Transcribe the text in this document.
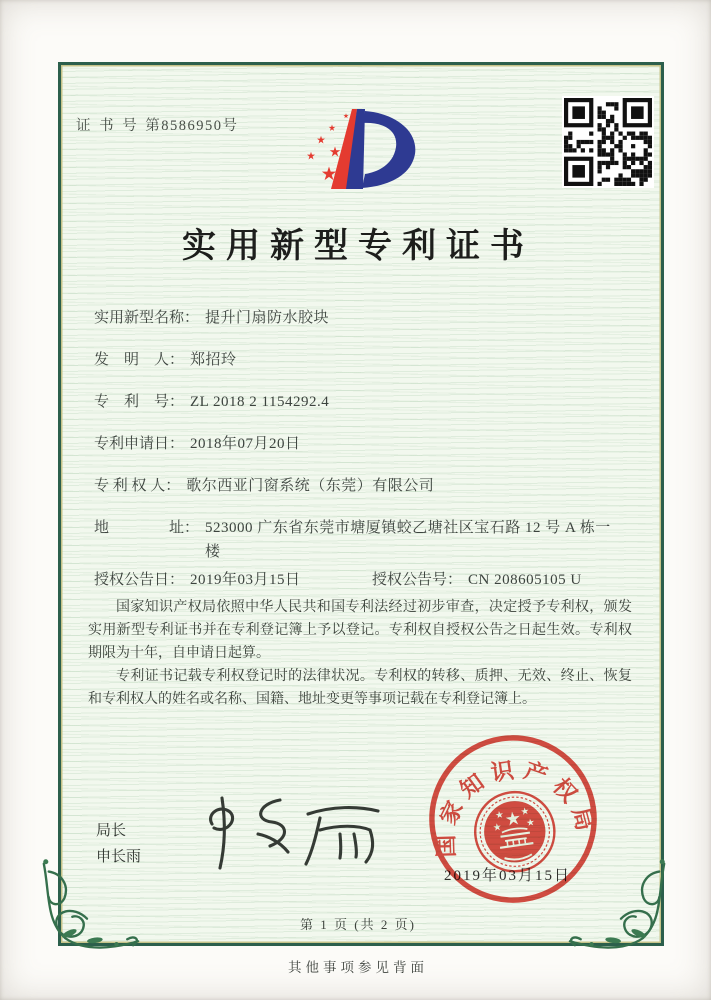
证 书 号 第8586950号
实用新型专利证书
实用新型名称： 提升门扇防水胶块
发　明　人： 郑招玲
专　利　号： ZL 2018 2 1154292.4
专利申请日： 2018年07月20日
专 利 权 人： 歌尔西亚门窗系统（东莞）有限公司
地　　　　址： 523000 广东省东莞市塘厦镇蛟乙塘社区宝石路 12 号 A 栋一楼
授权公告日： 2019年03月15日	授权公告号： CN 208605105 U

国家知识产权局依照中华人民共和国专利法经过初步审查，决定授予专利权，颁发实用新型专利证书并在专利登记簿上予以登记。专利权自授权公告之日起生效。专利权期限为十年，自申请日起算。

专利证书记载专利权登记时的法律状况。专利权的转移、质押、无效、终止、恢复和专利权人的姓名或名称、国籍、地址变更等事项记载在专利登记簿上。

局长
申长雨
2019年03月15日
国家知识产权局
第 1 页 (共 2 页)
其他事项参见背面
